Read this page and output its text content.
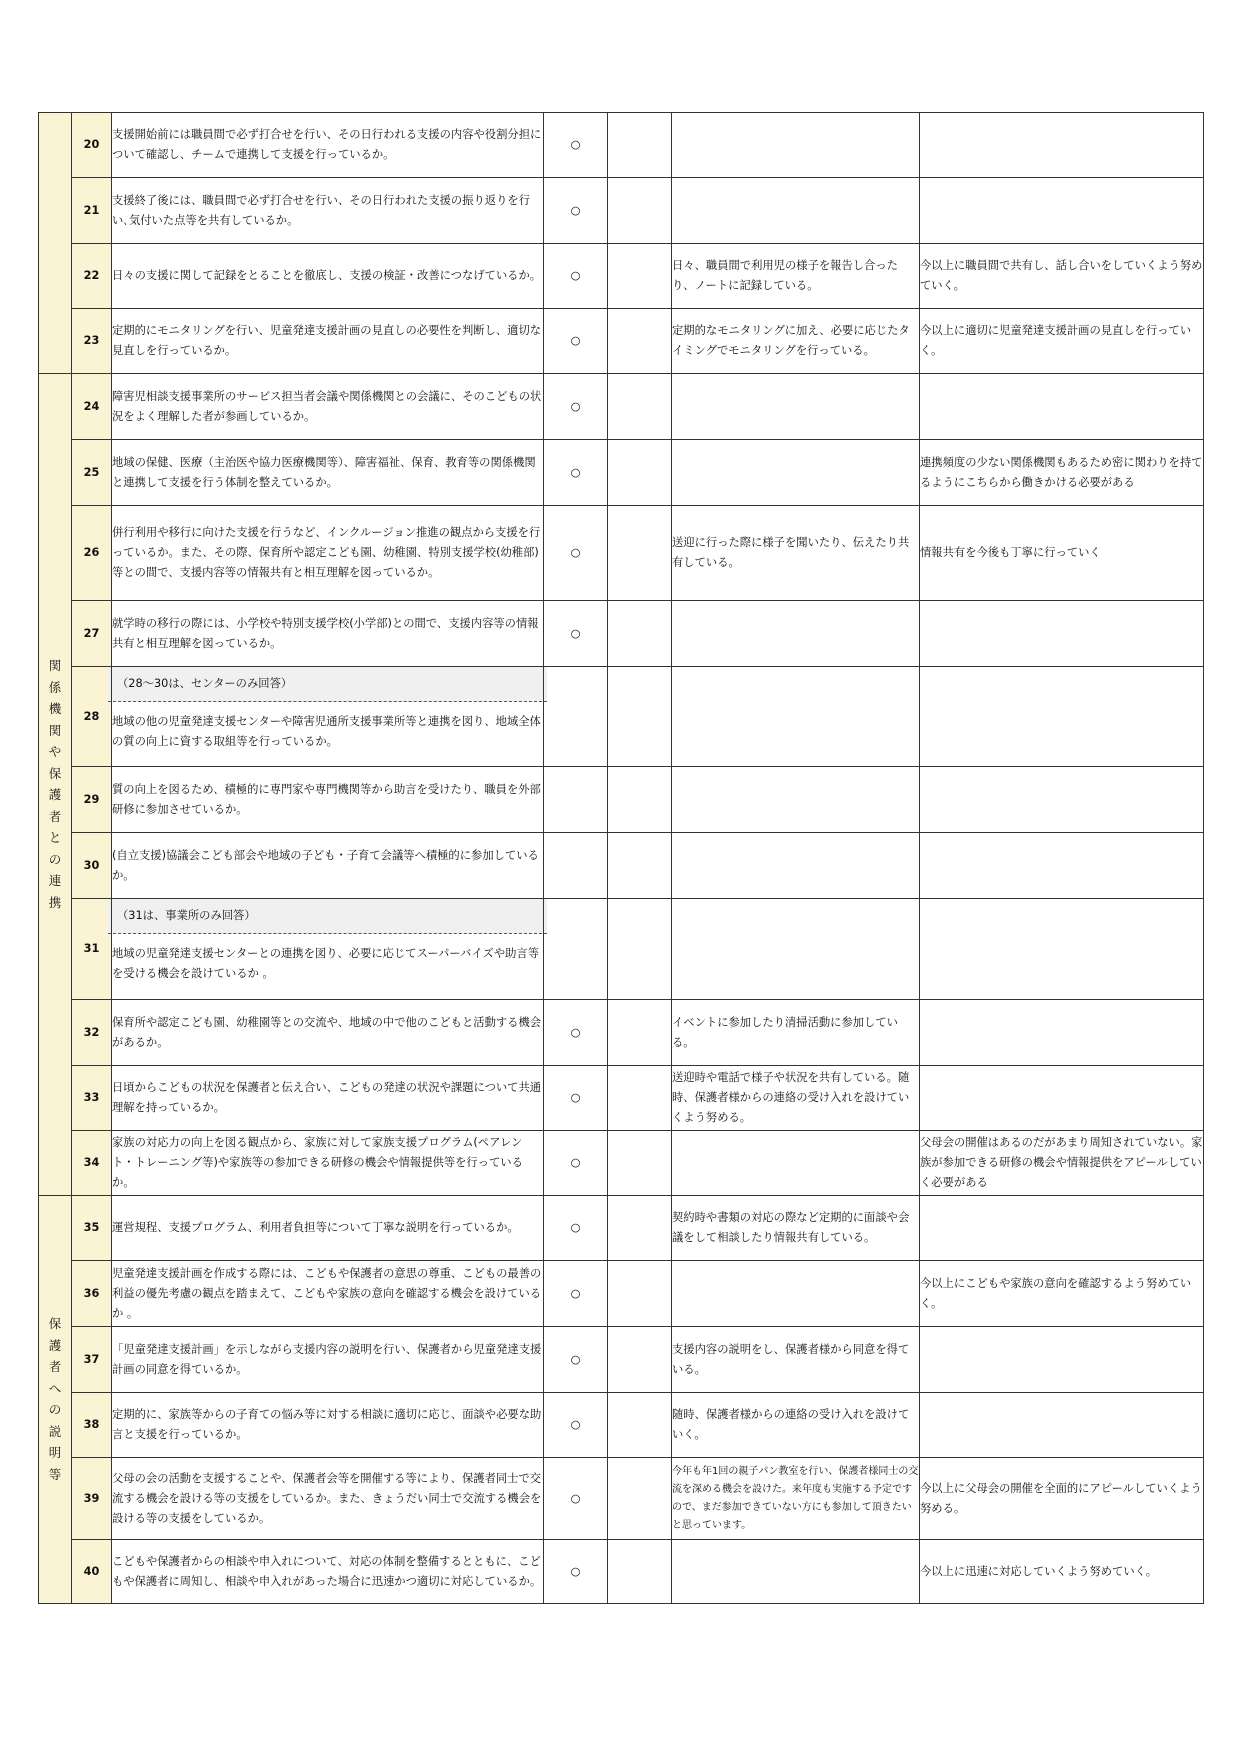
	20	支援開始前には職員間で必ず打合せを行い、その日行われる支援の内容や役割分担について確認し、チームで連携して支援を行っているか。	○			
	21	支援終了後には、職員間で必ず打合せを行い、その日行われた支援の振り返りを行い､気付いた点等を共有しているか。	○			
	22	日々の支援に関して記録をとることを徹底し、支援の検証・改善につなげているか。	○		日々、職員間で利用児の様子を報告し合ったり、ノートに記録している。	今以上に職員間で共有し、話し合いをしていくよう努めていく。
	23	定期的にモニタリングを行い、児童発達支援計画の見直しの必要性を判断し、適切な見直しを行っているか。	○		定期的なモニタリングに加え、必要に応じたタイミングでモニタリングを行っている。	今以上に適切に児童発達支援計画の見直しを行っていく。
関係機関や保護者との連携	24	障害児相談支援事業所のサービス担当者会議や関係機関との会議に、そのこどもの状況をよく理解した者が参画しているか。	○			
	25	地域の保健、医療（主治医や協力医療機関等）、障害福祉、保育、教育等の関係機関と連携して支援を行う体制を整えているか。	○			連携頻度の少ない関係機関もあるため密に関わりを持てるようにこちらから働きかける必要がある
	26	併行利用や移行に向けた支援を行うなど、インクルージョン推進の観点から支援を行っているか。また、その際、保育所や認定こども園、幼稚園、特別支援学校(幼稚部)等との間で、支援内容等の情報共有と相互理解を図っているか。	○		送迎に行った際に様子を聞いたり、伝えたり共有している。	情報共有を今後も丁寧に行っていく
	27	就学時の移行の際には、小学校や特別支援学校(小学部)との間で、支援内容等の情報共有と相互理解を図っているか。	○			
	28	（28～30は、センターのみ回答）
地域の他の児童発達支援センターや障害児通所支援事業所等と連携を図り、地域全体の質の向上に資する取組等を行っているか。				

	29	質の向上を図るため、積極的に専門家や専門機関等から助言を受けたり、職員を外部研修に参加させているか。				
	30	(自立支援)協議会こども部会や地域の子ども・子育て会議等へ積極的に参加しているか。				
	31	（31は、事業所のみ回答）
地域の児童発達支援センターとの連携を図り、必要に応じてスーパーバイズや助言等を受ける機会を設けているか 。				

	32	保育所や認定こども園、幼稚園等との交流や、地域の中で他のこどもと活動する機会があるか。	○		イベントに参加したり清掃活動に参加している。	
	33	日頃からこどもの状況を保護者と伝え合い、こどもの発達の状況や課題について共通理解を持っているか。	○		送迎時や電話で様子や状況を共有している。随時、保護者様からの連絡の受け入れを設けていくよう努める。	
	34	家族の対応力の向上を図る観点から、家族に対して家族支援プログラム(ペアレント・トレーニング等)や家族等の参加できる研修の機会や情報提供等を行っているか。	○			父母会の開催はあるのだがあまり周知されていない。家族が参加できる研修の機会や情報提供をアピールしていく必要がある
保護者への説明等	35	運営規程、支援プログラム、利用者負担等について丁寧な説明を行っているか。	○		契約時や書類の対応の際など定期的に面談や会議をして相談したり情報共有している。	
	36	児童発達支援計画を作成する際には、こどもや保護者の意思の尊重、こどもの最善の利益の優先考慮の観点を踏まえて、こどもや家族の意向を確認する機会を設けているか 。	○			今以上にこどもや家族の意向を確認するよう努めていく。
	37	「児童発達支援計画」を示しながら支援内容の説明を行い、保護者から児童発達支援計画の同意を得ているか。	○		支援内容の説明をし、保護者様から同意を得ている。	
	38	定期的に、家族等からの子育ての悩み等に対する相談に適切に応じ、面談や必要な助言と支援を行っているか。	○		随時、保護者様からの連絡の受け入れを設けていく。	
	39	父母の会の活動を支援することや、保護者会等を開催する等により、保護者同士で交流する機会を設ける等の支援をしているか。また、きょうだい同士で交流する機会を設ける等の支援をしているか。	○		今年も年1回の親子パン教室を行い、保護者様同士の交流を深める機会を設けた。来年度も実施する予定ですので、まだ参加できていない方にも参加して頂きたいと思っています。	今以上に父母会の開催を全面的にアピールしていくよう努める。
	40	こどもや保護者からの相談や申入れについて、対応の体制を整備するとともに、こどもや保護者に周知し、相談や申入れがあった場合に迅速かつ適切に対応しているか。	○			今以上に迅速に対応していくよう努めていく。
